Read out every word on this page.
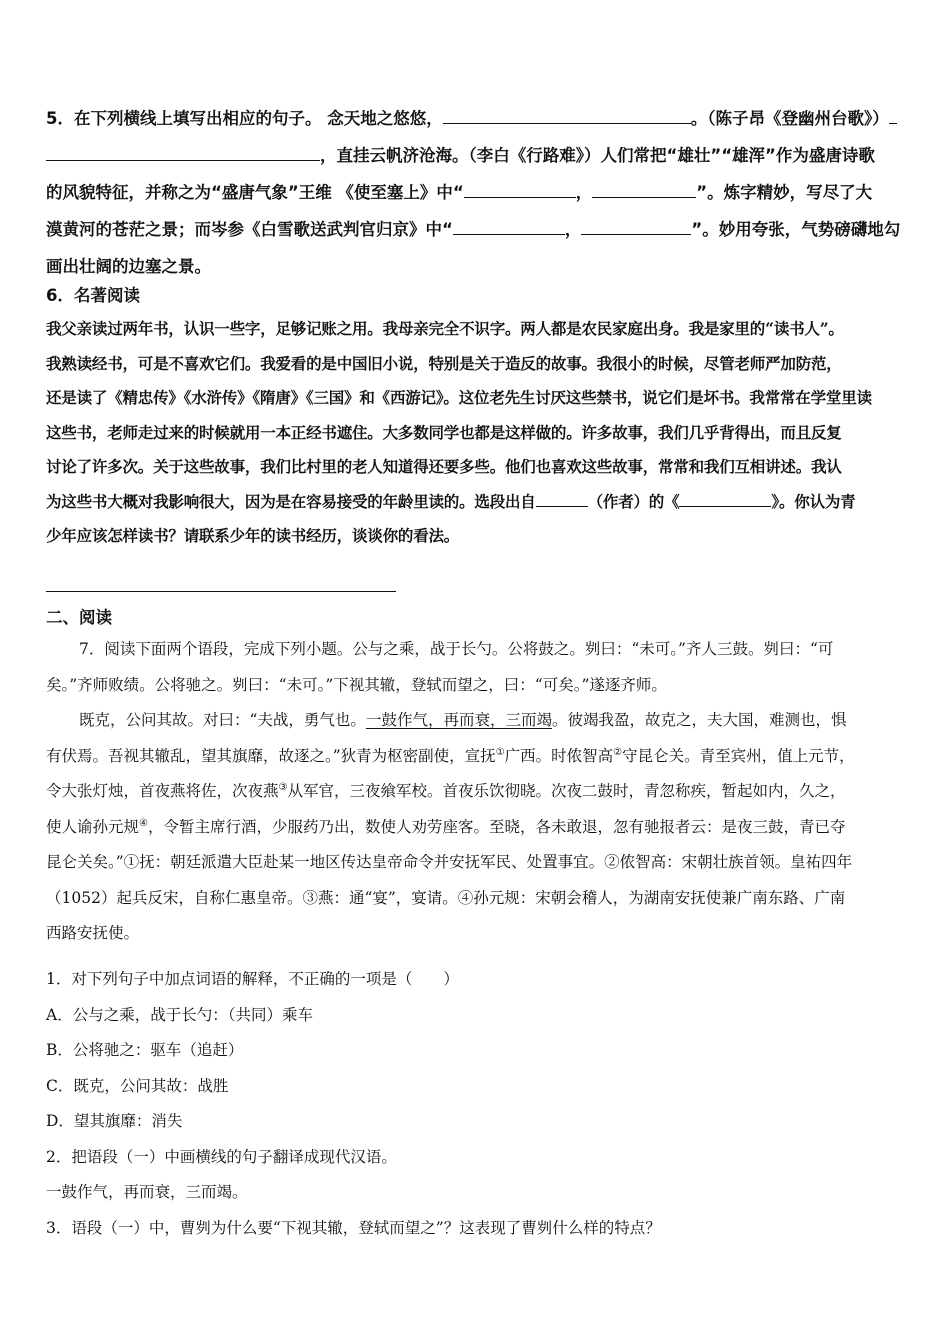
5．在下列横线上填写出相应的句子。 念天地之悠悠，	。（陈子昂《登幽州台歌》）
，直挂云帆济沧海。（李白《行路难》）人们常把“雄壮”“雄浑”作为盛唐诗歌
的风貌特征，并称之为“盛唐气象”王维 《使至塞上》中“	，	”。炼字精妙，写尽了大
漠黄河的苍茫之景；而岑参《白雪歌送武判官归京》中“	，	”。妙用夸张，气势磅礴地勾
画出壮阔的边塞之景。
6．名著阅读
我父亲读过两年书，认识一些字，足够记账之用。我母亲完全不识字。两人都是农民家庭出身。我是家里的“读书人”。
我熟读经书，可是不喜欢它们。我爱看的是中国旧小说，特别是关于造反的故事。我很小的时候，尽管老师严加防范，
还是读了《精忠传》《水浒传》《隋唐》《三国》和《西游记》。这位老先生讨厌这些禁书，说它们是坏书。我常常在学堂里读
这些书，老师走过来的时候就用一本正经书遮住。大多数同学也都是这样做的。许多故事，我们几乎背得出，而且反复
讨论了许多次。关于这些故事，我们比村里的老人知道得还要多些。他们也喜欢这些故事，常常和我们互相讲述。我认
为这些书大概对我影响很大，因为是在容易接受的年龄里读的。选段出自	（作者）的《	》。你认为青
少年应该怎样读书？请联系少年的读书经历，谈谈你的看法。
二、阅读
7．阅读下面两个语段，完成下列小题。公与之乘，战于长勺。公将鼓之。刿曰：“未可。”齐人三鼓。刿曰：“可
矣。”齐师败绩。公将驰之。刿曰：“未可。”下视其辙，登轼而望之，曰：“可矣。”遂逐齐师。
既克，公问其故。对曰：“夫战，勇气也。一鼓作气，再而衰，三而竭。彼竭我盈，故克之，夫大国，难测也，惧
有伏焉。吾视其辙乱，望其旗靡，故逐之。”狄青为枢密副使，宣抚①广西。时侬智高②守昆仑关。青至宾州，值上元节，
令大张灯烛，首夜燕将佐，次夜燕③从军官，三夜飨军校。首夜乐饮彻晓。次夜二鼓时，青忽称疾，暂起如内，久之，
使人谕孙元规④，令暂主席行酒，少服药乃出，数使人劝劳座客。至晓，各未敢退，忽有驰报者云：是夜三鼓，青已夺
昆仑关矣。”①抚：朝廷派遣大臣赴某一地区传达皇帝命令并安抚军民、处置事宜。②侬智高：宋朝壮族首领。皇祐四年
（1052）起兵反宋，自称仁惠皇帝。③燕：通“宴”，宴请。④孙元规：宋朝会稽人，为湖南安抚使兼广南东路、广南
西路安抚使。
1．对下列句子中加点词语的解释，不正确的一项是（　　）
A．公与之乘，战于长勺：（共同）乘车
B．公将驰之：驱车（追赶）
C．既克，公问其故：战胜
D．望其旗靡：消失
2．把语段（一）中画横线的句子翻译成现代汉语。
一鼓作气，再而衰，三而竭。
3．语段（一）中，曹刿为什么要“下视其辙，登轼而望之”？这表现了曹刿什么样的特点？
